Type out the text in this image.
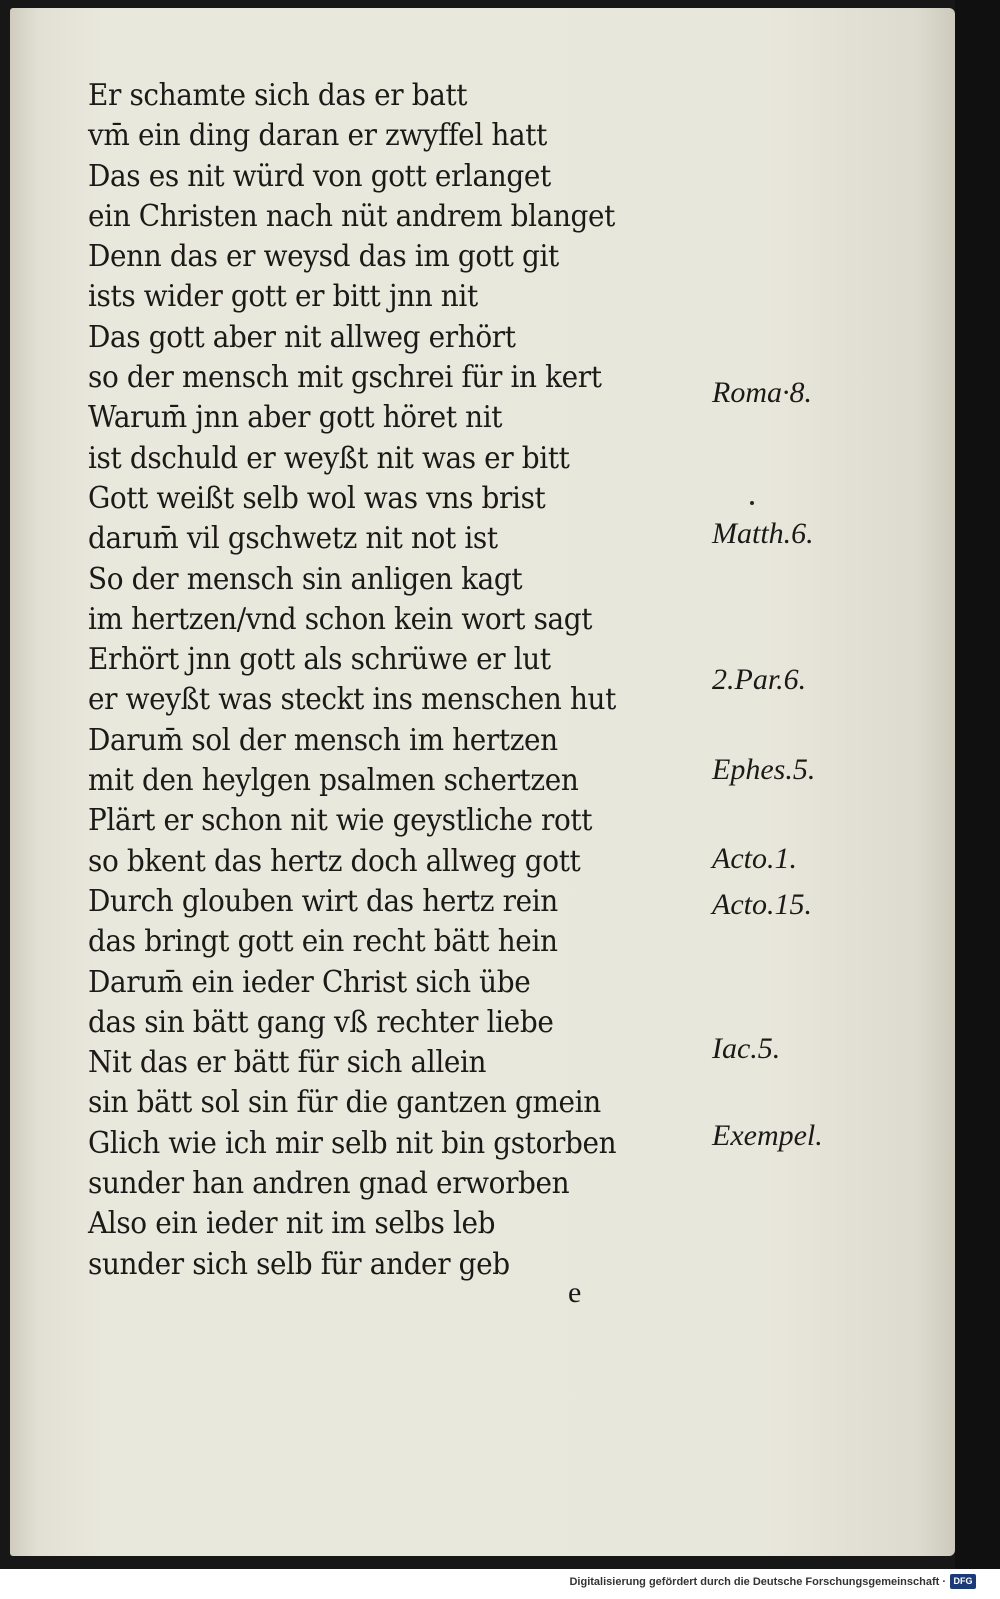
Er schamte sich das er batt
vm̄ ein ding daran er zwyffel hatt
Das es nit würd von gott erlanget
ein Christen nach nüt andrem blanget
Denn das er weysd das im gott git
ists wider gott er bitt jnn nit
Das gott aber nit allweg erhört
so der mensch mit gschrei für in kert
Warum̄ jnn aber gott höret nit
ist dschuld er weyßt nit was er bitt
Gott weißt selb wol was vns brist
darum̄ vil gschwetz nit not ist
So der mensch sin anligen kagt
im hertzen/vnd schon kein wort sagt
Erhört jnn gott als schrüwe er lut
er weyßt was steckt ins menschen hut
Darum̄ sol der mensch im hertzen
mit den heylgen psalmen schertzen
Plärt er schon nit wie geystliche rott
so bkent das hertz doch allweg gott
Durch glouben wirt das hertz rein
das bringt gott ein recht bätt hein
Darum̄ ein ieder Christ sich übe
das sin bätt gang vß rechter liebe
Nit das er bätt für sich allein
sin bätt sol sin für die gantzen gmein
Glich wie ich mir selb nit bin gstorben
sunder han andren gnad erworben
Also ein ieder nit im selbs leb
sunder sich selb für ander geb
Roma·8.
Matth.6.
2.Par.6.
Ephes.5.
Acto.1.
Acto.15.
Iac.5.
Exempel.
e
Digitalisierung gefördert durch die Deutsche Forschungsgemeinschaft · DFG
